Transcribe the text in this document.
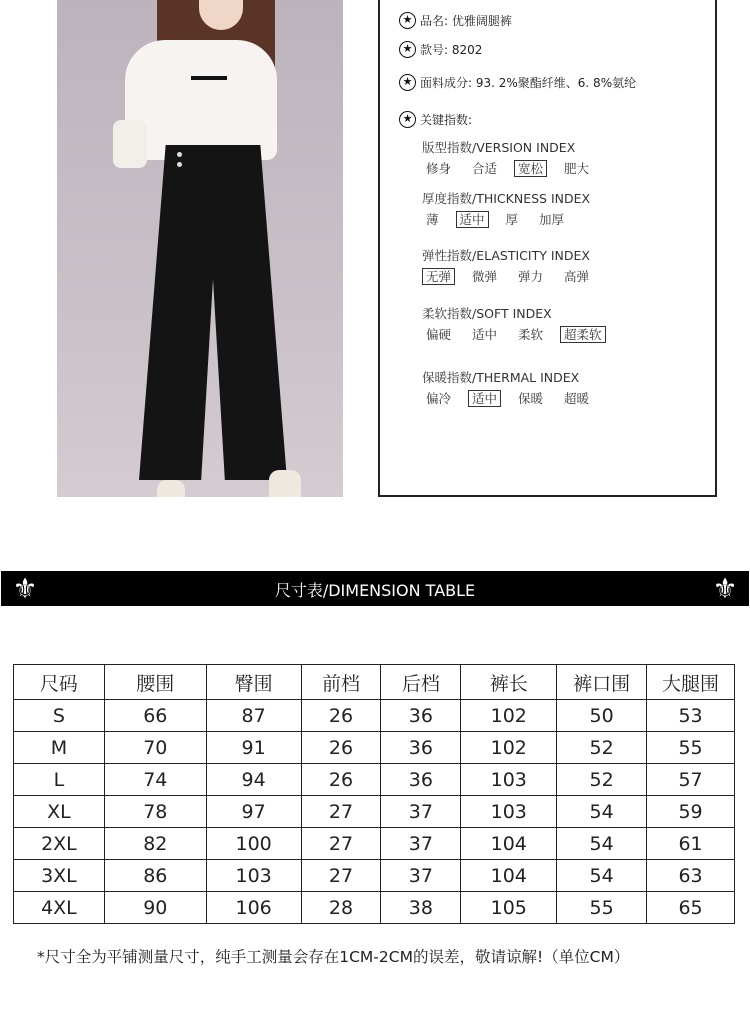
★ 品名: 优雅阔腿裤
★ 款号: 8202
★ 面料成分: 93. 2%聚酯纤维、6. 8%氨纶
★ 关键指数:
版型指数/VERSION INDEX
修身	合适	宽松	肥大
厚度指数/THICKNESS INDEX
薄	适中	厚	加厚
弹性指数/ELASTICITY INDEX
无弹	微弹	弹力	高弹
柔软指数/SOFT INDEX
偏硬	适中	柔软	超柔软
保暖指数/THERMAL INDEX
偏冷	适中	保暖	超暖
⚜	尺寸表/DIMENSION TABLE	⚜
尺码	腰围	臀围	前档	后档	裤长	裤口围	大腿围
S	66	87	26	36	102	50	53
M	70	91	26	36	102	52	55
L	74	94	26	36	103	52	57
XL	78	97	27	37	103	54	59
2XL	82	100	27	37	104	54	61
3XL	86	103	27	37	104	54	63
4XL	90	106	28	38	105	55	65
*尺寸全为平铺测量尺寸，纯手工测量会存在1CM-2CM的误差，敬请谅解!（单位CM）
